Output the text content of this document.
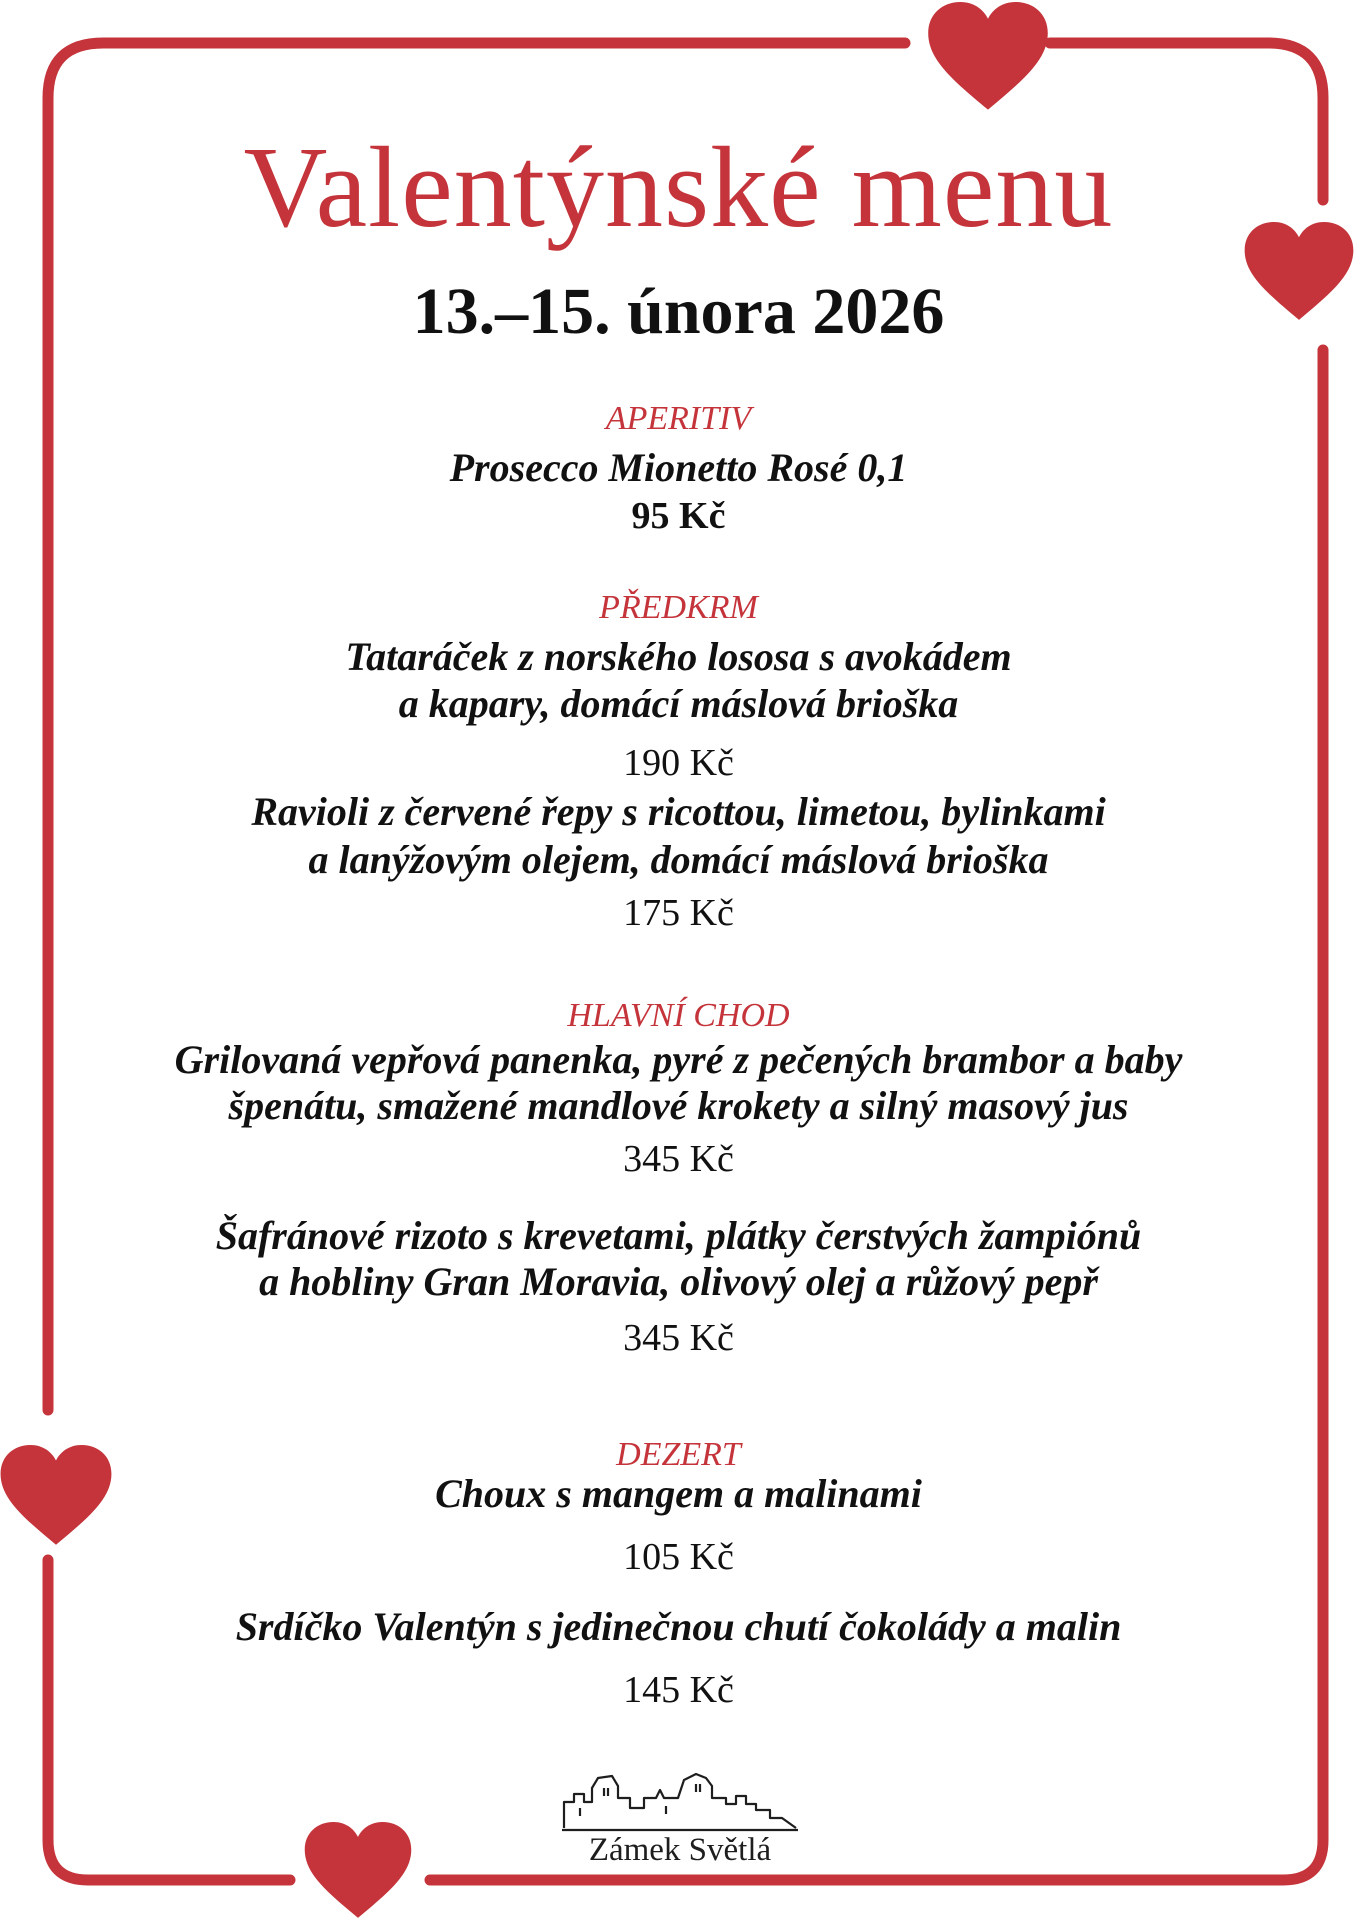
Valentýnské menu
13.–15. února 2026
APERITIV
Prosecco Mionetto Rosé 0,1
95 Kč
PŘEDKRM
Tataráček z norského lososa s avokádem
a kapary, domácí máslová brioška
190 Kč
Ravioli z červené řepy s ricottou, limetou, bylinkami
a lanýžovým olejem, domácí máslová brioška
175 Kč
HLAVNÍ CHOD
Grilovaná vepřová panenka, pyré z pečených brambor a baby
špenátu, smažené mandlové krokety a silný masový jus
345 Kč
Šafránové rizoto s krevetami, plátky čerstvých žampiónů
a hobliny Gran Moravia, olivový olej a růžový pepř
345 Kč
DEZERT
Choux s mangem a malinami
105 Kč
Srdíčko Valentýn s jedinečnou chutí čokolády a malin
145 Kč
Zámek Světlá
